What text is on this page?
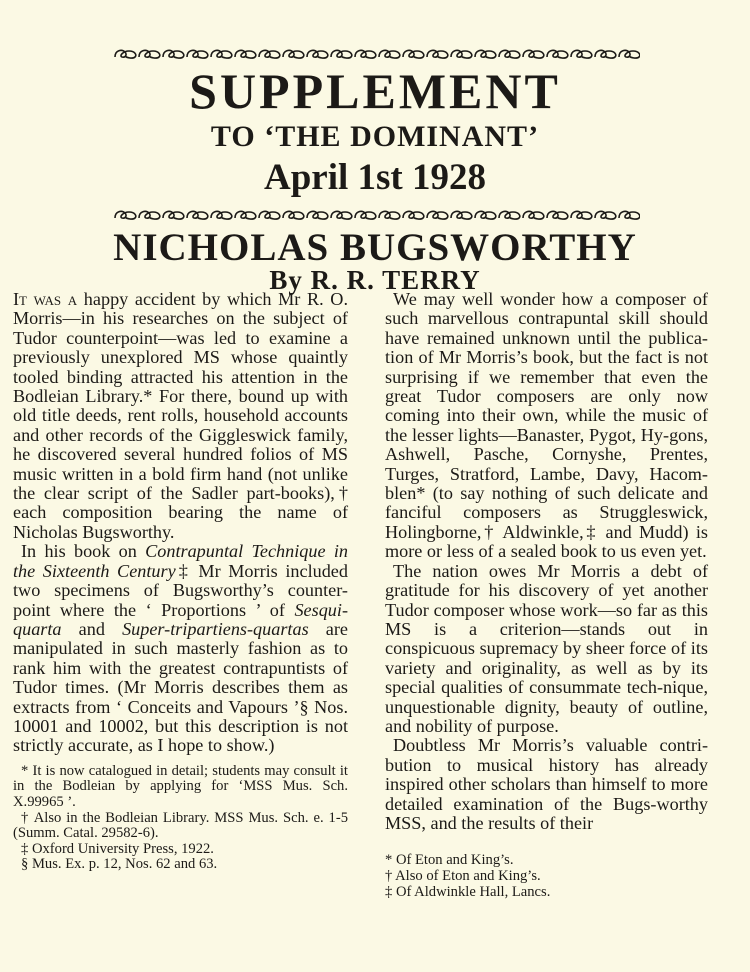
SUPPLEMENT
TO ‘THE DOMINANT’
April 1st 1928
NICHOLAS BUGSWORTHY
By R. R. TERRY

It was a happy accident by which Mr R. O. Morris—in his researches on the subject of Tudor counterpoint—was led to examine a previously unexplored MS whose quaintly tooled binding attracted his attention in the Bodleian Library.* For there, bound up with old title deeds, rent rolls, household accounts and other records of the Giggleswick family, he discovered several hundred folios of MS music written in a bold firm hand (not unlike the clear script of the Sadler part-books),† each composition bearing the name of Nicholas Bugsworthy.

In his book on Contrapuntal Technique in the Sixteenth Century‡ Mr Morris included two specimens of Bugsworthy’s counter-point where the ‘ Proportions ’ of Sesqui-quarta and Super-tripartiens-quartas are manipulated in such masterly fashion as to rank him with the greatest contrapuntists of Tudor times. (Mr Morris describes them as extracts from ‘ Conceits and Vapours ’§ Nos. 10001 and 10002, but this description is not strictly accurate, as I hope to show.)

* It is now catalogued in detail; students may consult it in the Bodleian by applying for ‘MSS Mus. Sch. X.99965 ’.

† Also in the Bodleian Library. MSS Mus. Sch. e. 1-5 (Summ. Catal. 29582-6).

‡ Oxford University Press, 1922.

§ Mus. Ex. p. 12, Nos. 62 and 63.

We may well wonder how a composer of such marvellous contrapuntal skill should have remained unknown until the publica-tion of Mr Morris’s book, but the fact is not surprising if we remember that even the great Tudor composers are only now coming into their own, while the music of the lesser lights—Banaster, Pygot, Hy-gons, Ashwell, Pasche, Cornyshe, Prentes, Turges, Stratford, Lambe, Davy, Hacom-blen* (to say nothing of such delicate and fanciful composers as Struggleswick, Holingborne,† Aldwinkle,‡ and Mudd) is more or less of a sealed book to us even yet.

The nation owes Mr Morris a debt of gratitude for his discovery of yet another Tudor composer whose work—so far as this MS is a criterion—stands out in conspicuous supremacy by sheer force of its variety and originality, as well as by its special qualities of consummate tech-nique, unquestionable dignity, beauty of outline, and nobility of purpose.

Doubtless Mr Morris’s valuable contri-bution to musical history has already inspired other scholars than himself to more detailed examination of the Bugs-worthy MSS, and the results of their

* Of Eton and King’s.

† Also of Eton and King’s.

‡ Of Aldwinkle Hall, Lancs.
